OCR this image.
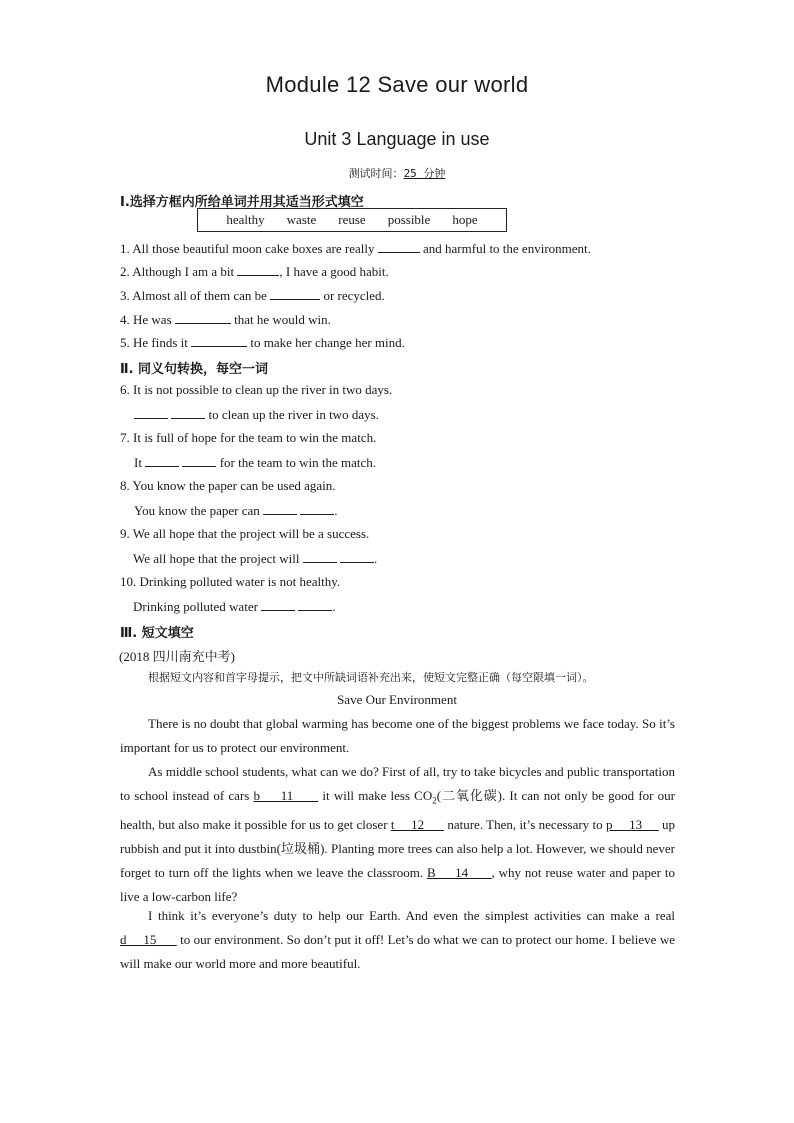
Module 12 Save our world
Unit 3 Language in use
测试时间：25 分钟
Ⅰ.选择方框内所给单词并用其适当形式填空
healthy waste reuse possible hope
1. All those beautiful moon cake boxes are really	and harmful to the environment.
2. Although I am a bit	, I have a good habit.
3. Almost all of them can be	or recycled.
4. He was	that he would win.
5. He finds it	to make her change her mind.
Ⅱ. 同义句转换，每空一词
6. It is not possible to clean up the river in two days.
to clean up the river in two days.
7. It is full of hope for the team to win the match.
It	for the team to win the match.
8. You know the paper can be used again.
You know the paper can	.
9. We all hope that the project will be a success.
We all hope that the project will	.
10. Drinking polluted water is not healthy.
Drinking polluted water	.
Ⅲ. 短文填空
(2018 四川南充中考)
根据短文内容和首字母提示，把文中所缺词语补充出来，使短文完整正确（每空限填一词）。
Save Our Environment
There is no doubt that global warming has become one of the biggest problems we face today. So it’s important for us to protect our environment.
As middle school students, what can we do? First of all, try to take bicycles and public transportation to school instead of cars b     11       it will make less $CO_2$(二氧化碳). It can not only be good for our health, but also make it possible for us to get closer t     12       nature. Then, it’s necessary to p     13      up rubbish and put it into dustbin(垃圾桶). Planting more trees can also help a lot. However, we should never forget to turn off the lights when we leave the classroom. B     14      , why not reuse water and paper to live a low-carbon life?
I think it’s everyone’s duty to help our Earth. And even the simplest activities can make a real d     15       to our environment. So don’t put it off! Let’s do what we can to protect our home. I believe we will make our world more and more beautiful.
